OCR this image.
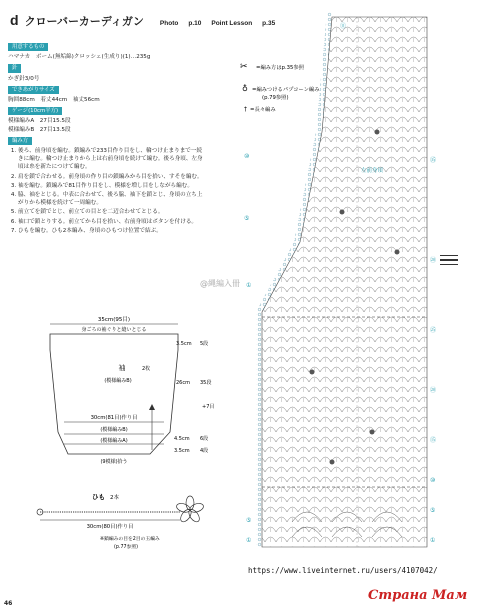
d クローバーカーディガン Photo p.10 Point Lesson p.35
用意するもの

ハマナカ　ボーム(無垢綿)クロッシェ(生成り)(1)…235g

針

かぎ針3/0号

できあがりサイズ

胸囲88cm　着丈44cm　袖丈56cm

ゲージ(10cm平方)

模様編みA　27目15.5段

模様編みB　27目13.5段

編み方
1. 後ろ、前身頃を編む。鎖編みで233目作り目をし、輪つけ止まりまで一続きに編む。輪つけ止まりから上は右前身頃を続けて編む。後ろ身頃、左身頃は糸を新たにつけて編む。
2. 肩を鎖で合わせる。前身頃の作り目の鎖編みから目を拾い、すそを編む。
3. 袖を編む。鎖編みで81目作り目をし、模様を増し目をしながら編む。
4. 脇、袖をとじる。中表に合わせて、後ろ脇、袖下を鎖とじ、身頃の立ち上がりから模様を続けて一周編む。
5. 前立てを鎖でとじ、前立ての目とを二辺合わせてとじる。
6. 袖口で鎖とりする。前立てから目を拾い、右前身頃はボタンを付ける。
7. ひもを編む。ひも2本編み、身頃のひもつけ位置で結ぶ。
35cm(95目)
身ごろの袖ぐりと縫いとじる
袖	2枚
(模様編みB)
30cm(81目)作り目
(模様編みB)
(模様編みA)
(9模様)拾う
3.5cm 5段
26cm 35段
+7目
4.5cm 6段
3.5cm 4段
ひも 2本
30cm(80目)作り目
※鎖編みの目を2目の玉編み
(p.77参照)
✂ =編み方はp.35参照
♁ =編みつけるパプコーン編み
(p.79参照)
† =長々編み
左前身頃
⑪
⑩
⑤
①
㉟
⑳
㉕
⑳
⑮
⑩
⑤
①
⑤
①
@縄編入冊
https://www.liveinternet.ru/users/4107042/
Страна Мам
46
